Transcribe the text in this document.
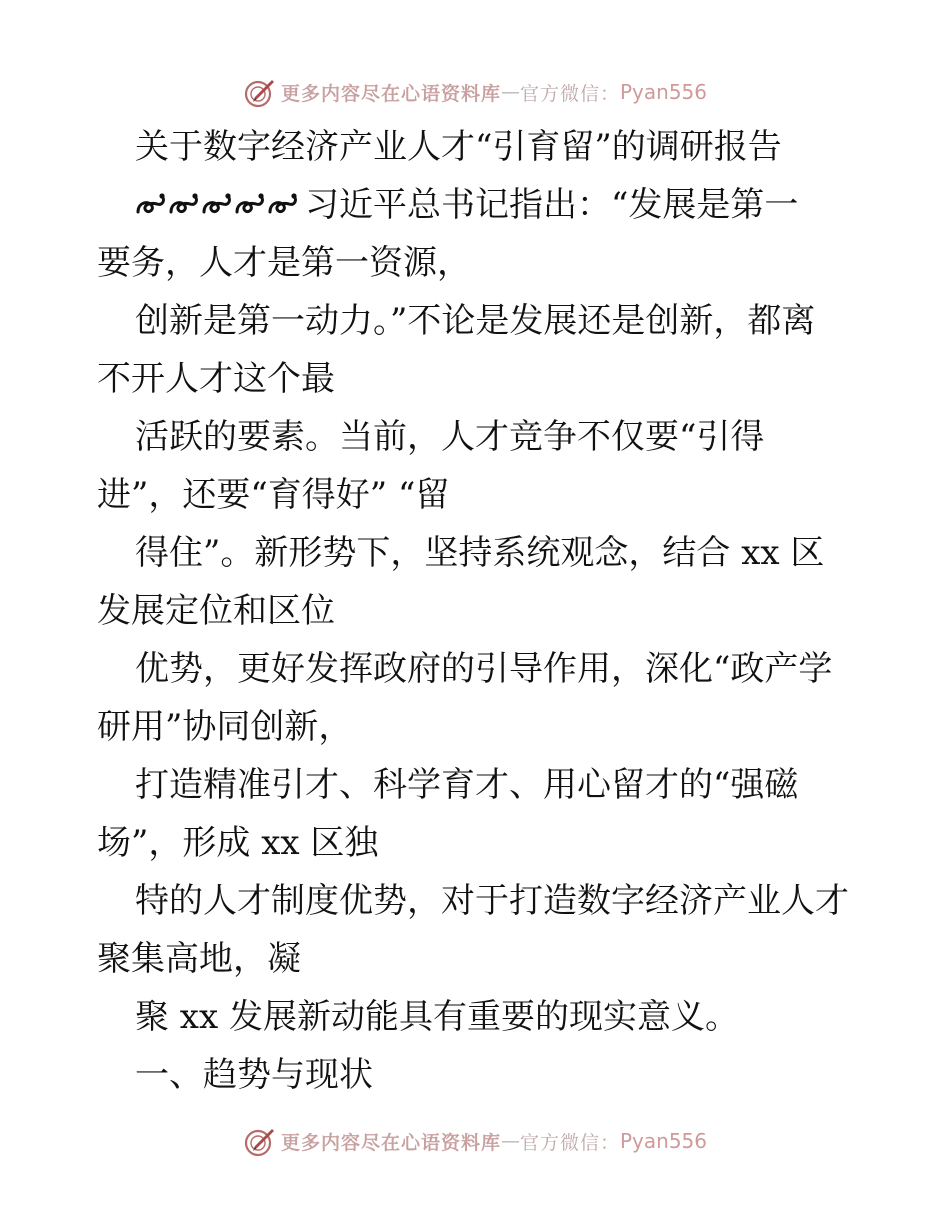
更多内容尽在心语资料库 — 官方微信： Pyan556
关于数字经济产业人才“引育留”的调研报告
习近平总书记指出：“发展是第一
要务，人才是第一资源，
创新是第一动力。”不论是发展还是创新，都离
不开人才这个最
活跃的要素。当前，人才竞争不仅要“引得
进”，还要“育得好” “留
得住”。新形势下，坚持系统观念，结合 xx 区
发展定位和区位
优势，更好发挥政府的引导作用，深化“政产学
研用”协同创新，
打造精准引才、科学育才、用心留才的“强磁
场”，形成 xx 区独
特的人才制度优势，对于打造数字经济产业人才
聚集高地，凝
聚 xx 发展新动能具有重要的现实意义。
一、趋势与现状
更多内容尽在心语资料库 — 官方微信： Pyan556
